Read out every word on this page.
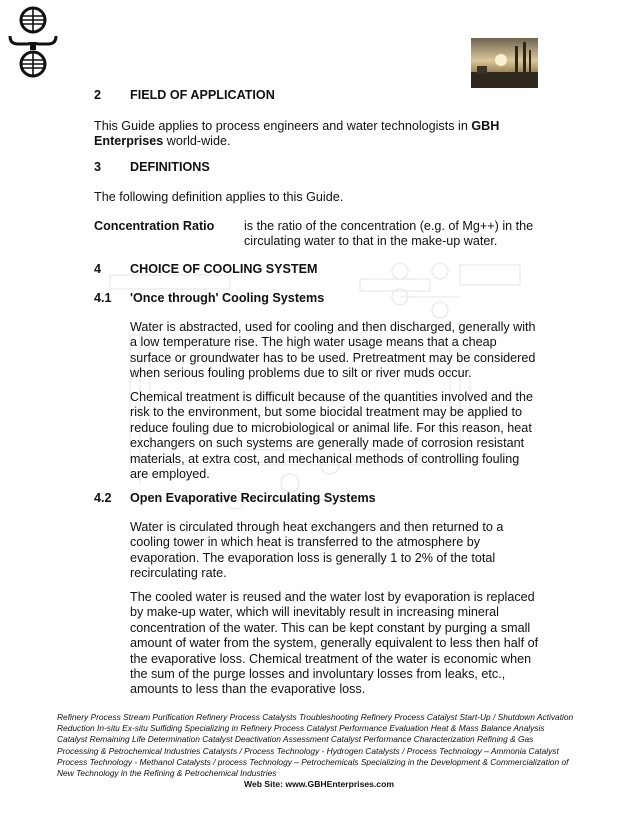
2 FIELD OF APPLICATION

This Guide applies to process engineers and water technologists in GBH Enterprises world-wide.

3 DEFINITIONS

The following definition applies to this Guide.

Concentration Ratio is the ratio of the concentration (e.g. of Mg++) in the circulating water to that in the make-up water.

4 CHOICE OF COOLING SYSTEM
4.1 'Once through' Cooling Systems

Water is abstracted, used for cooling and then discharged, generally with a low temperature rise. The high water usage means that a cheap surface or groundwater has to be used. Pretreatment may be considered when serious fouling problems due to silt or river muds occur.

Chemical treatment is difficult because of the quantities involved and the risk to the environment, but some biocidal treatment may be applied to reduce fouling due to microbiological or animal life. For this reason, heat exchangers on such systems are generally made of corrosion resistant materials, at extra cost, and mechanical methods of controlling fouling are employed.

4.2 Open Evaporative Recirculating Systems

Water is circulated through heat exchangers and then returned to a cooling tower in which heat is transferred to the atmosphere by evaporation. The evaporation loss is generally 1 to 2% of the total recirculating rate.

The cooled water is reused and the water lost by evaporation is replaced by make-up water, which will inevitably result in increasing mineral concentration of the water. This can be kept constant by purging a small amount of water from the system, generally equivalent to less then half of the evaporative loss. Chemical treatment of the water is economic when the sum of the purge losses and involuntary losses from leaks, etc., amounts to less than the evaporative loss.

Refinery Process Stream Purification Refinery Process Catalysts Troubleshooting Refinery Process Catalyst Start-Up / Shutdown Activation Reduction In-situ Ex-situ Sulfiding Specializing in Refinery Process Catalyst Performance Evaluation Heat & Mass Balance Analysis Catalyst Remaining Life Determination Catalyst Deactivation Assessment Catalyst Performance Characterization Refining & Gas Processing & Petrochemical Industries Catalysts / Process Technology - Hydrogen Catalysts / Process Technology – Ammonia Catalyst Process Technology - Methanol Catalysts / process Technology – Petrochemicals Specializing in the Development & Commercialization of New Technology in the Refining & Petrochemical Industries

Web Site: www.GBHEnterprises.com
